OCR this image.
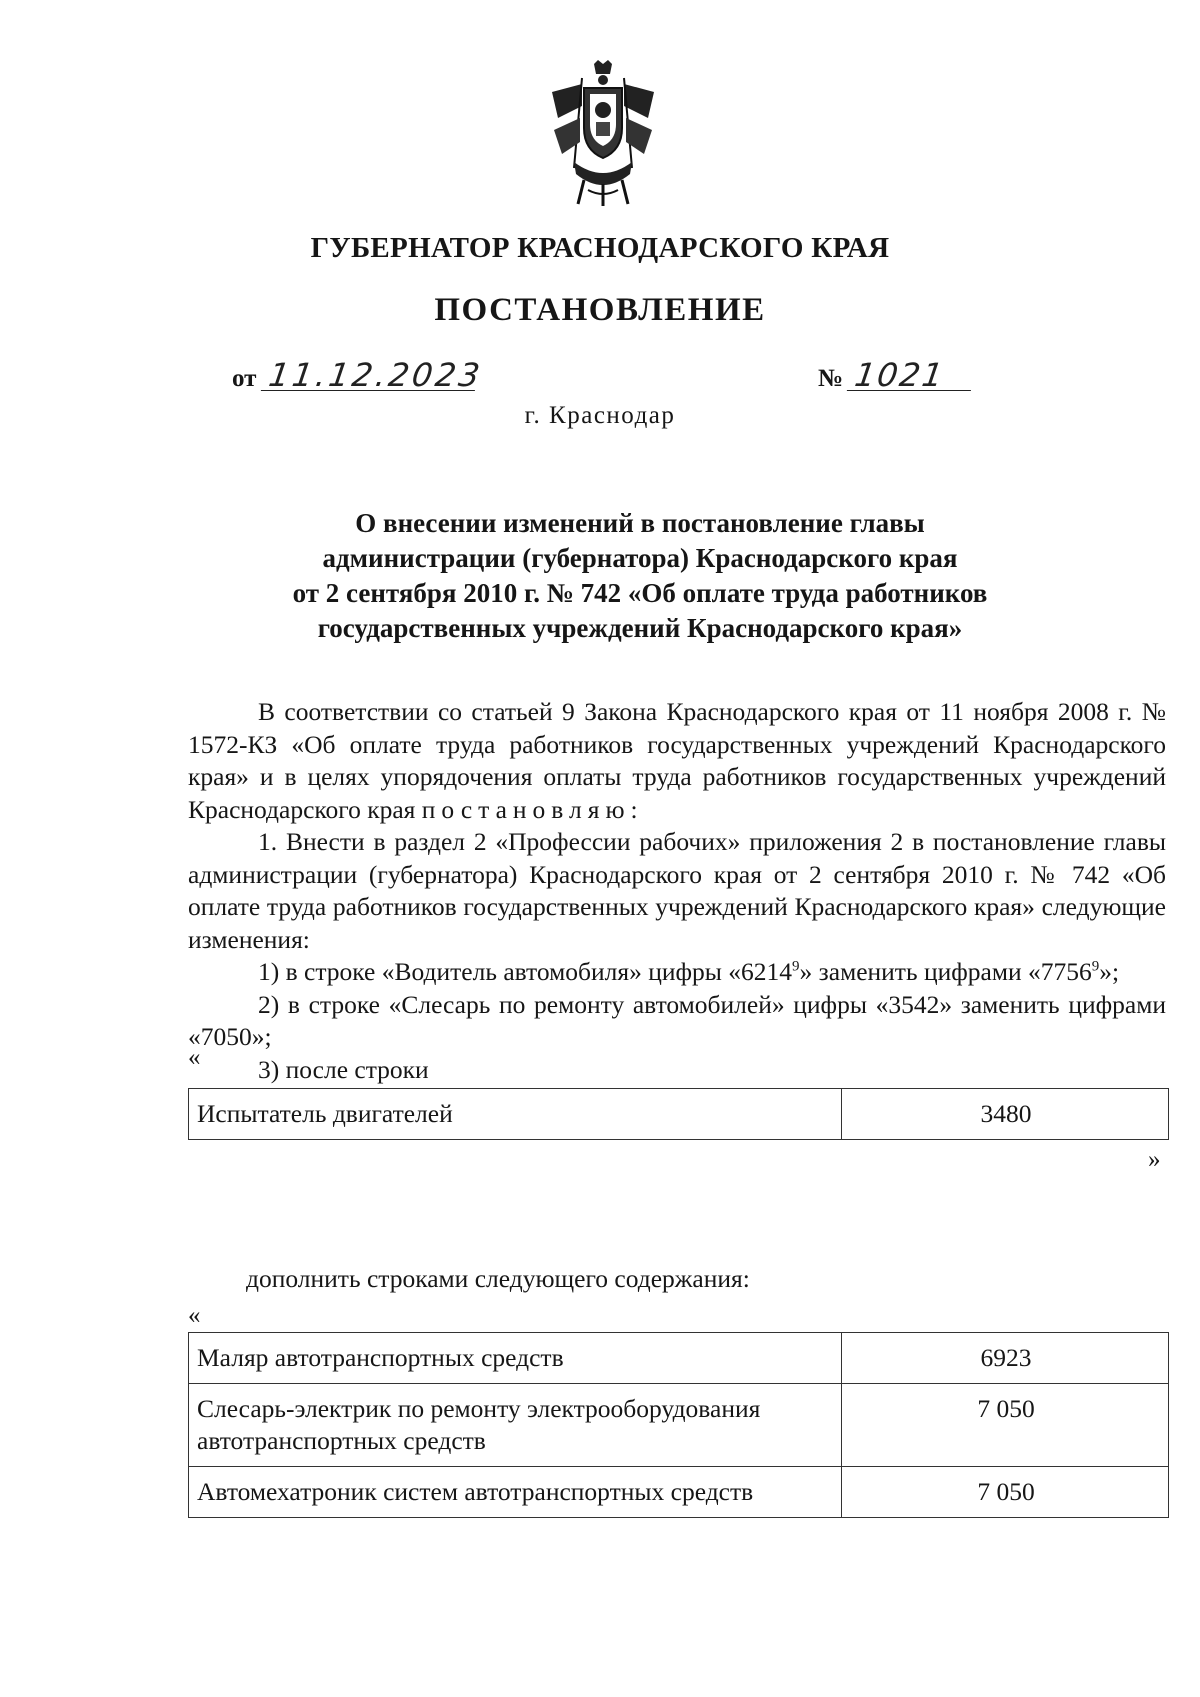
ГУБЕРНАТОР КРАСНОДАРСКОГО КРАЯ
ПОСТАНОВЛЕНИЕ
от 11.12.2023	№ 1021
г. Краснодар
О внесении изменений в постановление главы
администрации (губернатора) Краснодарского края
от 2 сентября 2010 г. № 742 «Об оплате труда работников
государственных учреждений Краснодарского края»

В соответствии со статьей 9 Закона Краснодарского края от 11 ноября 2008 г. № 1572-КЗ «Об оплате труда работников государственных учреждений Краснодарского края» и в целях упорядочения оплаты труда работников государственных учреждений Краснодарского края постановляю:

1. Внести в раздел 2 «Профессии рабочих» приложения 2 в постановление главы администрации (губернатора) Краснодарского края от 2 сентября 2010 г. № 742 «Об оплате труда работников государственных учреждений Краснодарского края» следующие изменения:

1) в строке «Водитель автомобиля» цифры «6214$^9$» заменить цифрами «7756$^9$»;

2) в строке «Слесарь по ремонту автомобилей» цифры «3542» заменить цифрами «7050»;

3) после строки

«
Испытатель двигателей	3480
»
дополнить строками следующего содержания:
«
Маляр автотранспортных средств	6923
Слесарь-электрик по ремонту электрооборудования автотранспортных средств	7 050
Автомехатроник систем автотранспортных средств	7 050
